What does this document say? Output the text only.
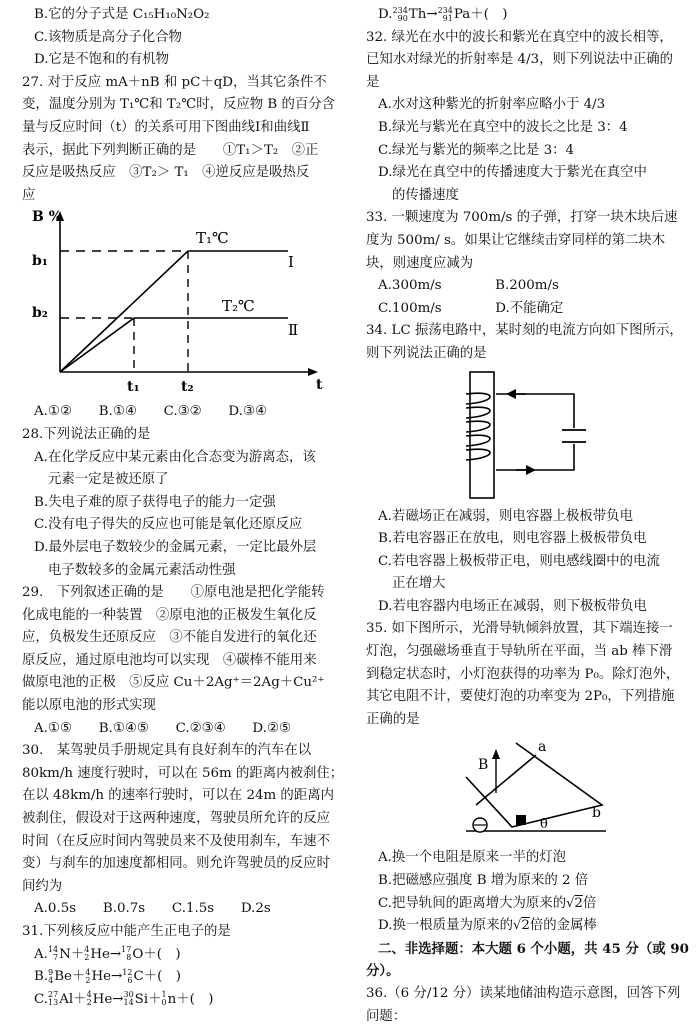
B.它的分子式是 C₁₅H₁₀N₂O₂
C.该物质是高分子化合物
D.它是不饱和的有机物
27. 对于反应 mA＋nB 和 pC＋qD，当其它条件不
变，温度分别为 T₁℃和 T₂℃时，反应物 B 的百分含
量与反应时间（t）的关系可用下图曲线Ⅰ和曲线Ⅱ
表示，据此下列判断正确的是　　①T₁＞T₂　②正
反应是吸热反应　③T₂＞ T₁　④逆反应是吸热反
应
B %
b₁
b₂
t₁	t₂	t
T₁℃
T₂℃
Ⅰ
Ⅱ
A.①②　　B.①④　　C.③②　　D.③④
28.下列说法正确的是
A.在化学反应中某元素由化合态变为游离态，该
元素一定是被还原了
B.失电子难的原子获得电子的能力一定强
C.没有电子得失的反应也可能是氧化还原反应
D.最外层电子数较少的金属元素，一定比最外层
电子数较多的金属元素活动性强
29.　下列叙述正确的是　　①原电池是把化学能转
化成电能的一种装置　②原电池的正极发生氧化反
应，负极发生还原反应　③不能自发进行的氧化还
原反应，通过原电池均可以实现　④碳棒不能用来
做原电池的正极　⑤反应 Cu＋2Ag⁺＝2Ag＋Cu²⁺
能以原电池的形式实现
A.①⑤　　B.①④⑤　　C.②③④　　D.②⑤
30.　某驾驶员手册规定具有良好刹车的汽车在以
80km/h 速度行驶时，可以在 56m 的距离内被刹住；
在以 48km/h 的速率行驶时，可以在 24m 的距离内
被刹住，假设对于这两种速度，驾驶员所允许的反应
时间（在反应时间内驾驶员来不及使用刹车，车速不
变）与刹车的加速度都相同。则允许驾驶员的反应时
间约为
A.0.5s　　B.0.7s　　C.1.5s　　D.2s
31.下列核反应中能产生正电子的是
A. 14
7 N＋ 4
2 He→ 17
8 O＋(　)
B. 9
4 Be＋ 4
2 He→ 12
6 C＋(　)
C. 27
13 Al＋ 4
2 He→ 30
14 Si＋ 1
0 n＋(　)
D. 234
90 Th→ 234
91 Pa＋(　)
32. 绿光在水中的波长和紫光在真空中的波长相等，
已知水对绿光的折射率是 4/3，则下列说法中正确的
是
A.水对这种紫光的折射率应略小于 4/3
B.绿光与紫光在真空中的波长之比是 3：4
C.绿光与紫光的频率之比是 3：4
D.绿光在真空中的传播速度大于紫光在真空中
的传播速度
33. 一颗速度为 700m/s 的子弹，打穿一块木块后速
度为 500m/ s。如果让它继续击穿同样的第二块木
块，则速度应减为
A.300m/s　　　　B.200m/s
C.100m/s　　　　D.不能确定
34. LC 振荡电路中，某时刻的电流方向如下图所示，
则下列说法正确的是
A.若磁场正在减弱，则电容器上极板带负电
B.若电容器正在放电，则电容器上极板带负电
C.若电容器上极板带正电，则电感线圈中的电流
正在增大
D.若电容器内电场正在减弱，则下极板带负电
35. 如下图所示，光滑导轨倾斜放置，其下端连接一
灯泡，匀强磁场垂直于导轨所在平面，当 ab 棒下滑
到稳定状态时，小灯泡获得的功率为 P₀。除灯泡外，
其它电阻不计，要使灯泡的功率变为 2P₀，下列措施
正确的是
B
a
b
θ
A.换一个电阻是原来一半的灯泡
B.把磁感应强度 B 增为原来的 2 倍
C.把导轨间的距离增大为原来的√2倍
D.换一根质量为原来的√2倍的金属棒
二、非选择题：本大题 6 个小题，共 45 分（或 90
分）。
36.（6 分/12 分）读某地储油构造示意图，回答下列
问题：
